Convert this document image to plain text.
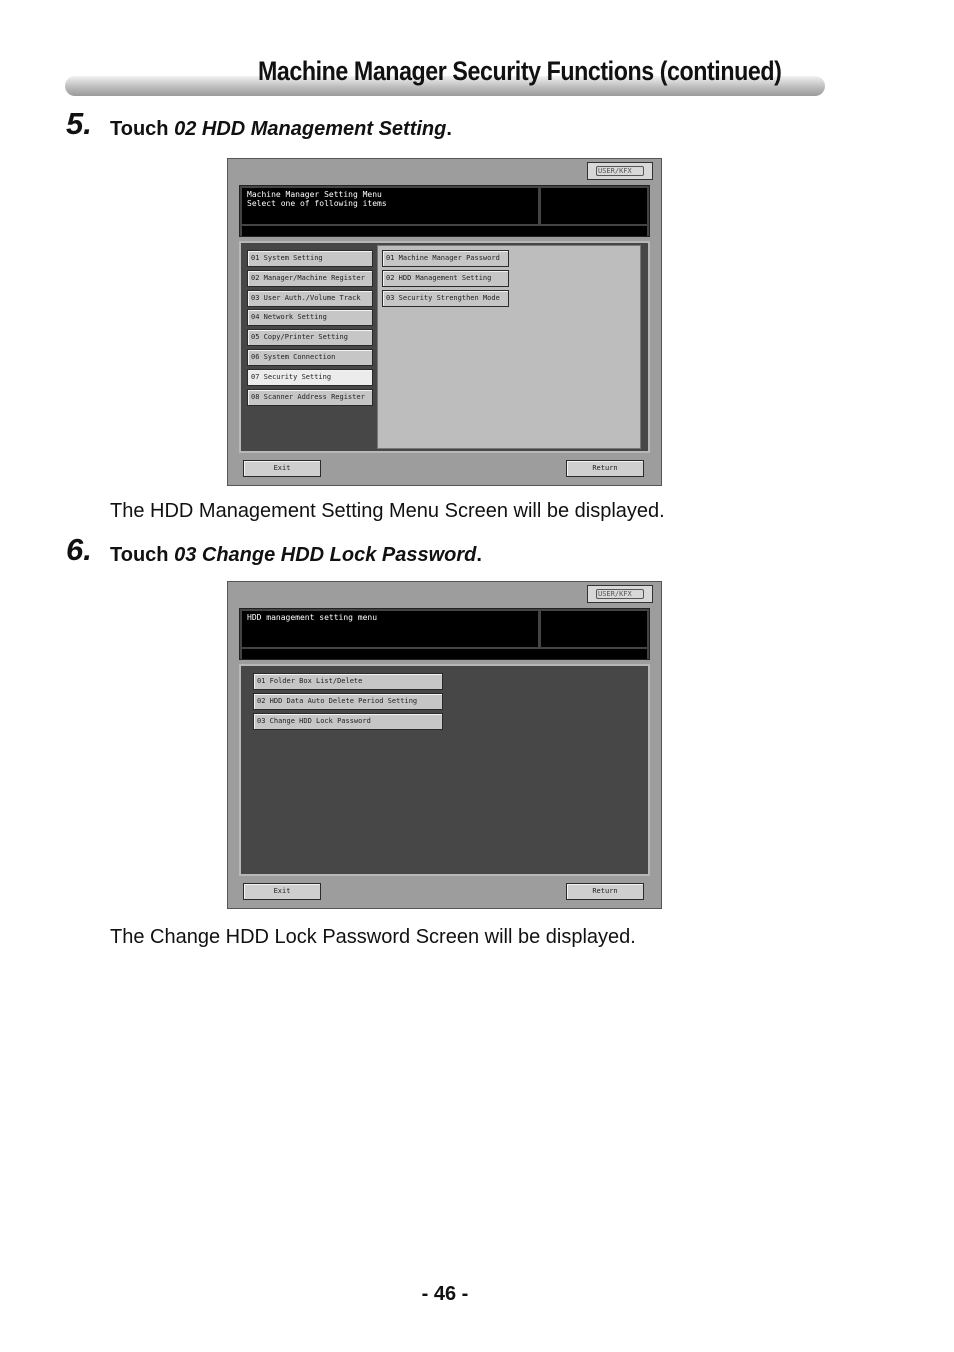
Machine Manager Security Functions (continued)
5. Touch 02 HDD Management Setting.
USER/KFX
Machine Manager Setting Menu
Select one of following items
01 System Setting
02 Manager/Machine Register
03 User Auth./Volume Track
04 Network Setting
05 Copy/Printer Setting
06 System Connection
07 Security Setting
08 Scanner Address Register
01 Machine Manager Password
02 HDD Management Setting
03 Security Strengthen Mode
Exit	Return
The HDD Management Setting Menu Screen will be displayed.
6. Touch 03 Change HDD Lock Password.
USER/KFX
HDD management setting menu
01 Folder Box List/Delete
02 HDD Data Auto Delete Period Setting
03 Change HDD Lock Password
Exit	Return
The Change HDD Lock Password Screen will be displayed.
- 46 -
